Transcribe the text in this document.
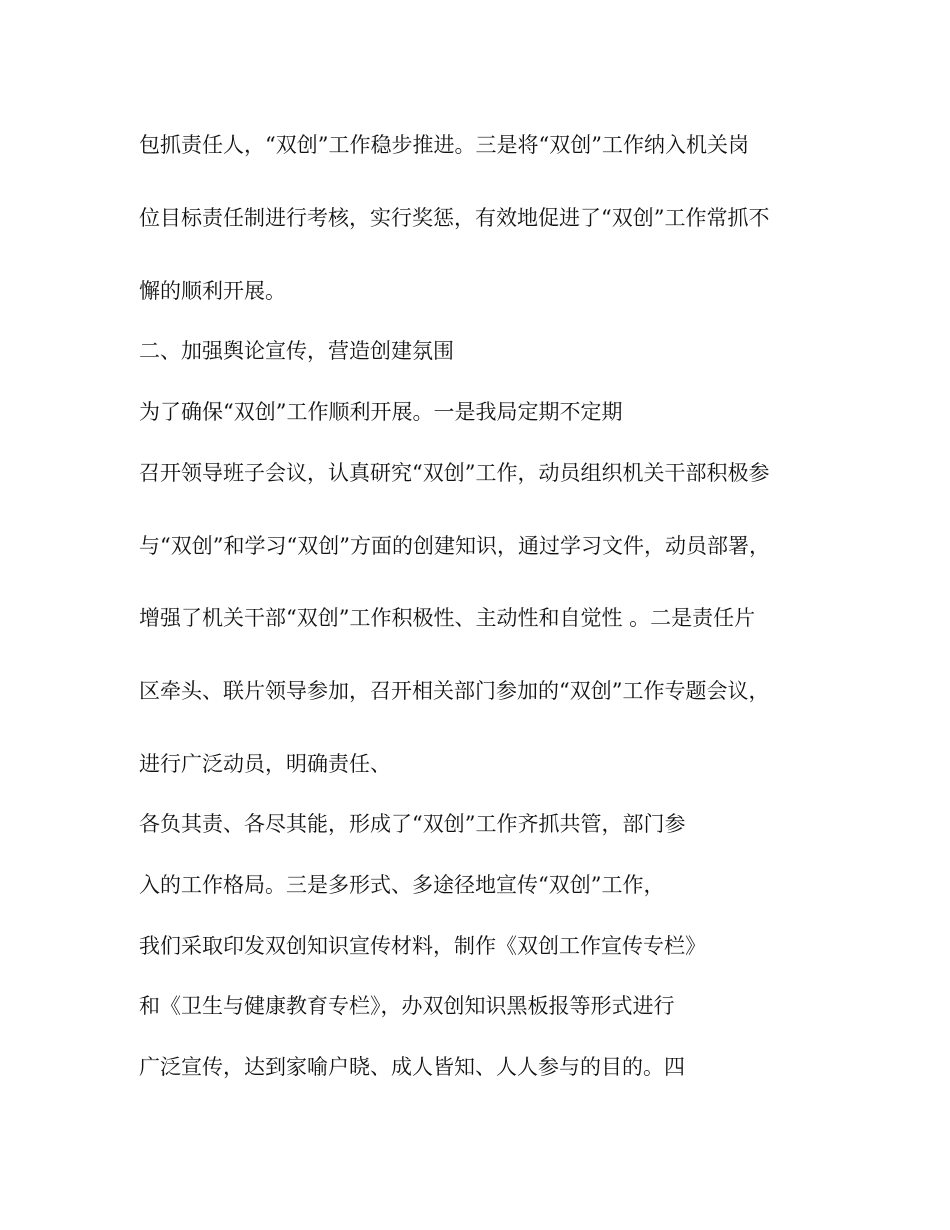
包抓责任人，“双创”工作稳步推进。三是将“双创”工作纳入机关岗
位目标责任制进行考核，实行奖惩，有效地促进了“双创”工作常抓不
懈的顺利开展。
二、加强舆论宣传，营造创建氛围
为了确保“双创”工作顺利开展。一是我局定期不定期
召开领导班子会议，认真研究“双创”工作，动员组织机关干部积极参
与“双创”和学习“双创”方面的创建知识，通过学习文件，动员部署，
增强了机关干部“双创”工作积极性、主动性和自觉性 。二是责任片
区牵头、联片领导参加，召开相关部门参加的“双创”工作专题会议，
进行广泛动员，明确责任、
各负其责、各尽其能，形成了“双创”工作齐抓共管，部门参
入的工作格局。三是多形式、多途径地宣传“双创”工作，
我们采取印发双创知识宣传材料，制作《双创工作宣传专栏》
和《卫生与健康教育专栏》，办双创知识黑板报等形式进行
广泛宣传，达到家喻户晓、成人皆知、人人参与的目的。四
